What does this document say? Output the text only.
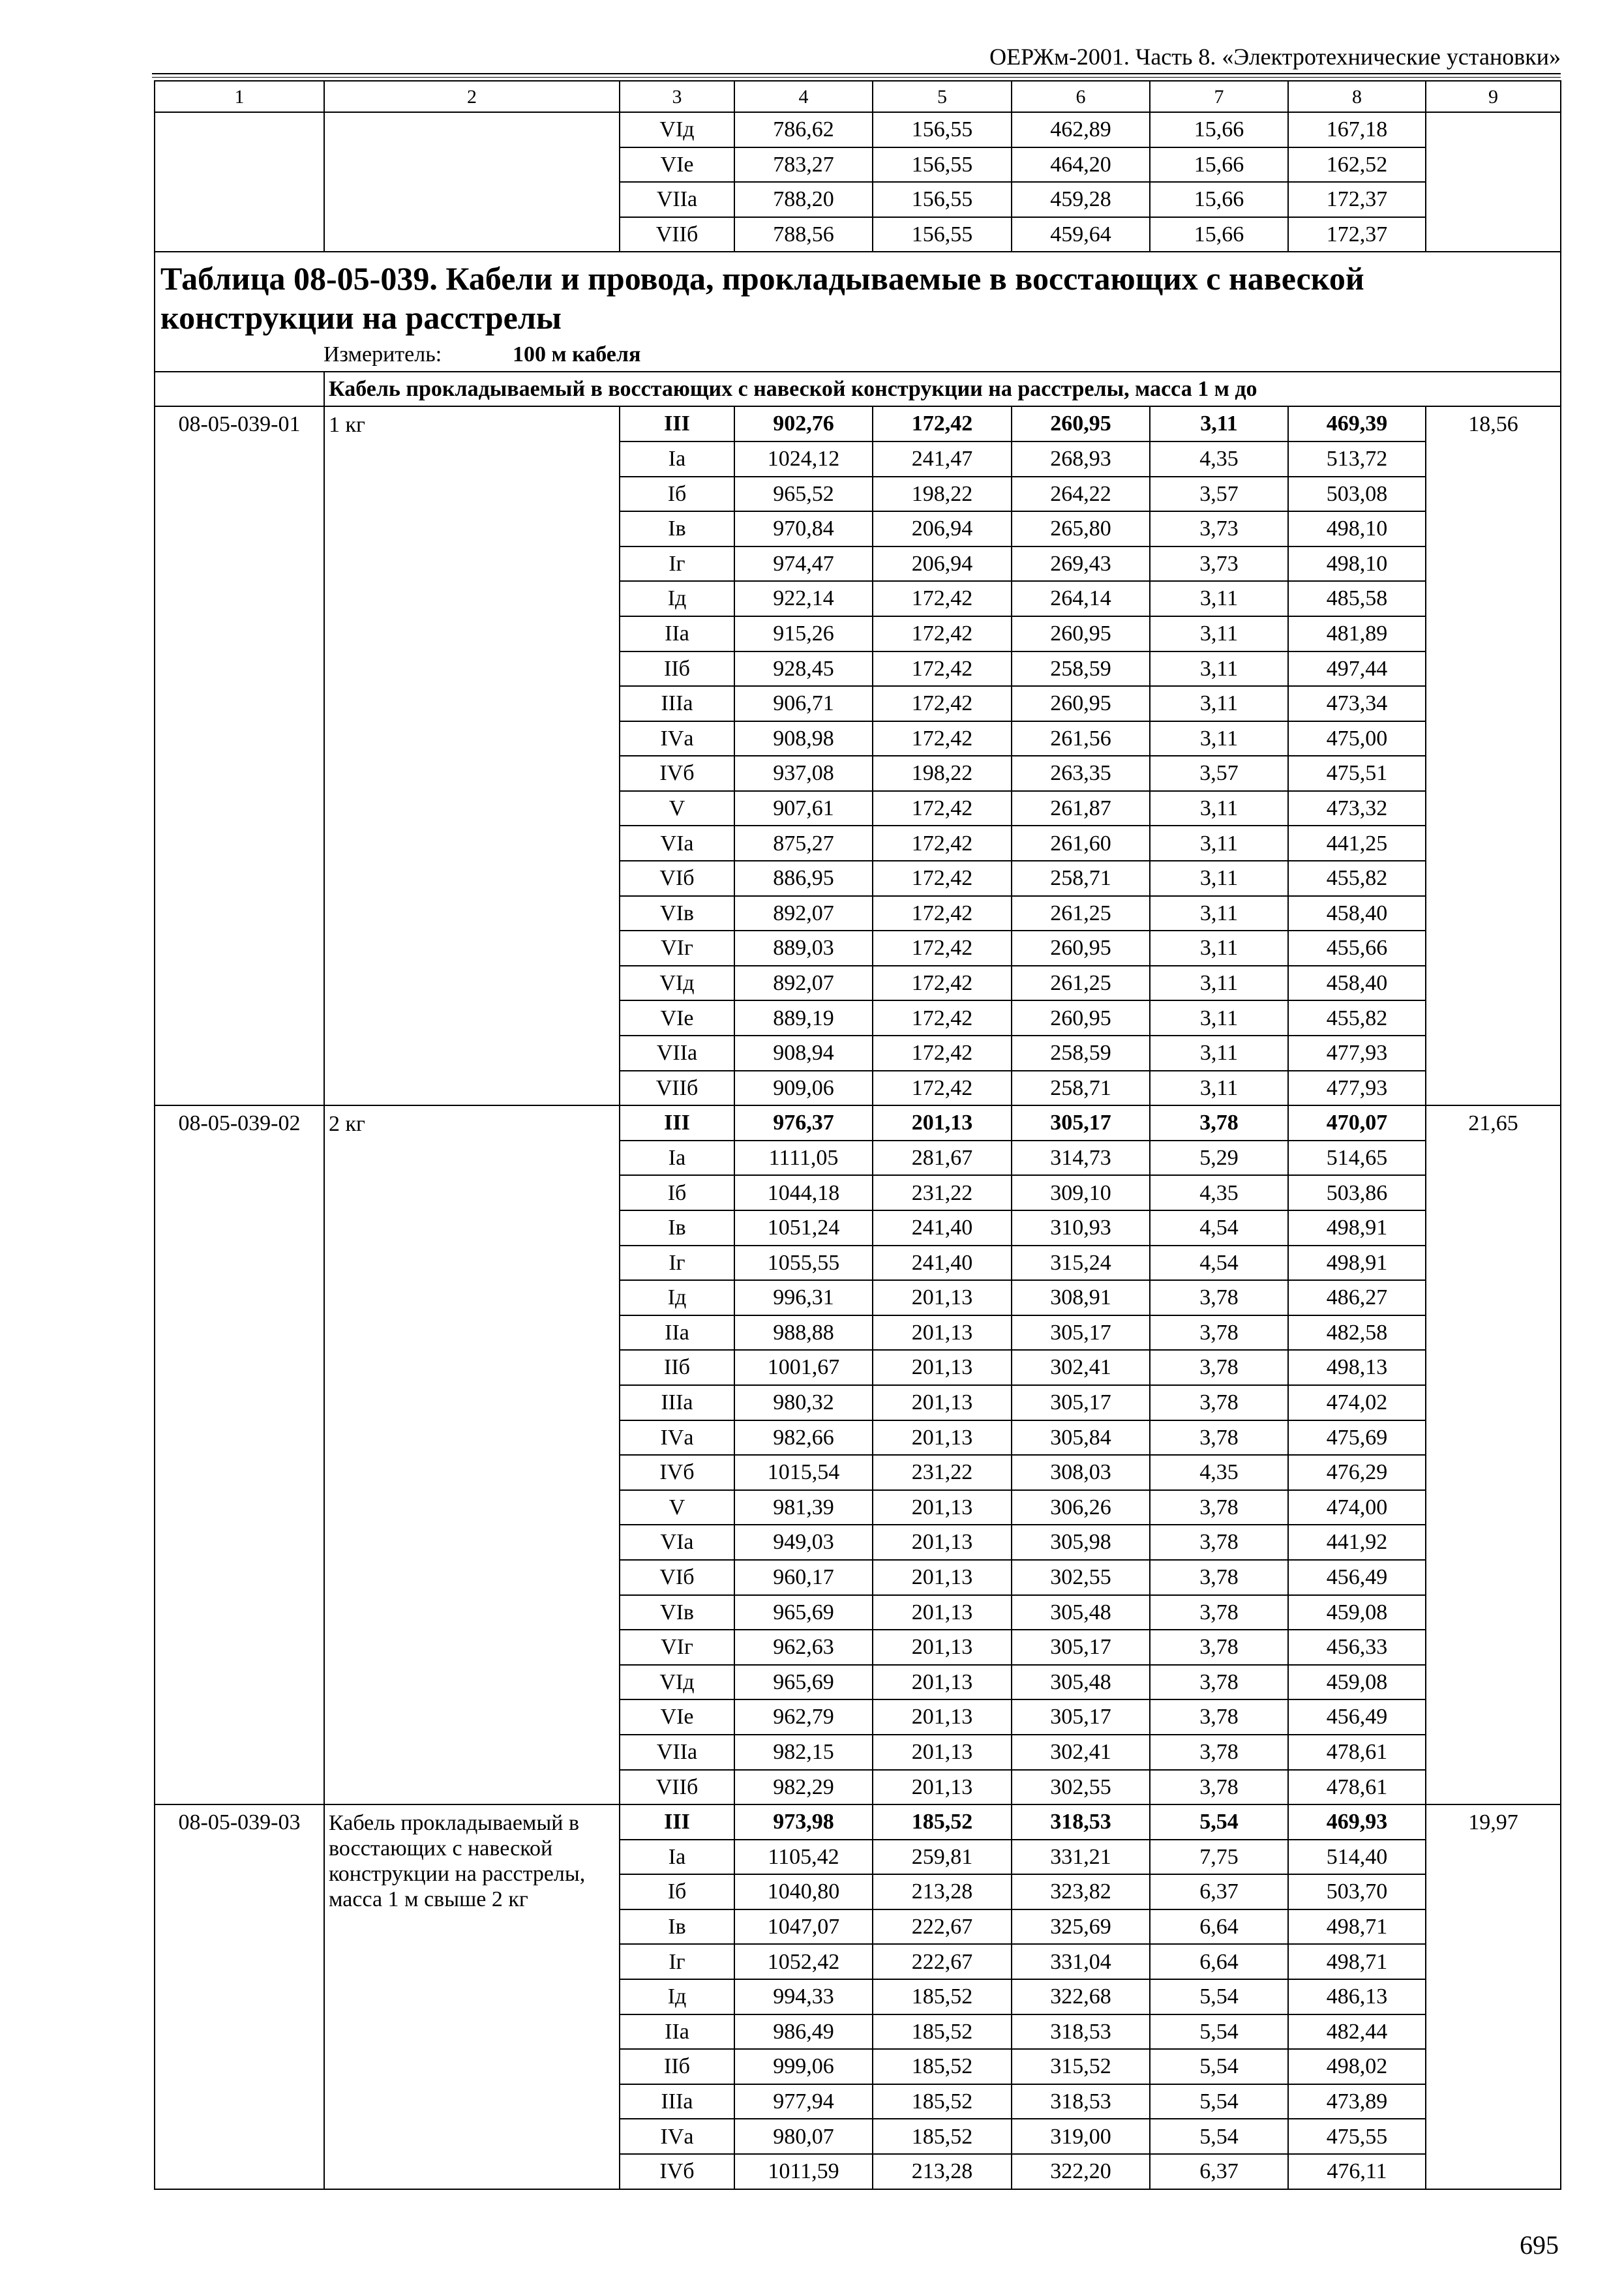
ОЕРЖм-2001. Часть 8. «Электротехнические установки»
1	2	3	4	5	6	7	8	9
		VIд	786,62	156,55	462,89	15,66	167,18	
		VIe	783,27	156,55	464,20	15,66	162,52	
		VIIа	788,20	156,55	459,28	15,66	172,37	
		VIIб	788,56	156,55	459,64	15,66	172,37	

Таблица 08-05-039. Кабели и провода, прокладываемые в восстающих с навеской конструкции на расстрелы
Измеритель: 100 м кабеля								

	Кабель прокладываемый в восстающих с навеской конструкции на расстрелы, масса 1 м до							
08-05-039-01	1 кг	III	902,76	172,42	260,95	3,11	469,39	18,56
		Iа	1024,12	241,47	268,93	4,35	513,72	
		Iб	965,52	198,22	264,22	3,57	503,08	
		Iв	970,84	206,94	265,80	3,73	498,10	
		Iг	974,47	206,94	269,43	3,73	498,10	
		Iд	922,14	172,42	264,14	3,11	485,58	
		IIа	915,26	172,42	260,95	3,11	481,89	
		IIб	928,45	172,42	258,59	3,11	497,44	
		IIIа	906,71	172,42	260,95	3,11	473,34	
		IVа	908,98	172,42	261,56	3,11	475,00	
		IVб	937,08	198,22	263,35	3,57	475,51	
		V	907,61	172,42	261,87	3,11	473,32	
		VIа	875,27	172,42	261,60	3,11	441,25	
		VIб	886,95	172,42	258,71	3,11	455,82	
		VIв	892,07	172,42	261,25	3,11	458,40	
		VIг	889,03	172,42	260,95	3,11	455,66	
		VIд	892,07	172,42	261,25	3,11	458,40	
		VIe	889,19	172,42	260,95	3,11	455,82	
		VIIа	908,94	172,42	258,59	3,11	477,93	
		VIIб	909,06	172,42	258,71	3,11	477,93	
08-05-039-02	2 кг	III	976,37	201,13	305,17	3,78	470,07	21,65
		Iа	1111,05	281,67	314,73	5,29	514,65	
		Iб	1044,18	231,22	309,10	4,35	503,86	
		Iв	1051,24	241,40	310,93	4,54	498,91	
		Iг	1055,55	241,40	315,24	4,54	498,91	
		Iд	996,31	201,13	308,91	3,78	486,27	
		IIа	988,88	201,13	305,17	3,78	482,58	
		IIб	1001,67	201,13	302,41	3,78	498,13	
		IIIа	980,32	201,13	305,17	3,78	474,02	
		IVа	982,66	201,13	305,84	3,78	475,69	
		IVб	1015,54	231,22	308,03	4,35	476,29	
		V	981,39	201,13	306,26	3,78	474,00	
		VIа	949,03	201,13	305,98	3,78	441,92	
		VIб	960,17	201,13	302,55	3,78	456,49	
		VIв	965,69	201,13	305,48	3,78	459,08	
		VIг	962,63	201,13	305,17	3,78	456,33	
		VIд	965,69	201,13	305,48	3,78	459,08	
		VIe	962,79	201,13	305,17	3,78	456,49	
		VIIа	982,15	201,13	302,41	3,78	478,61	
		VIIб	982,29	201,13	302,55	3,78	478,61	
08-05-039-03	Кабель прокладываемый в восстающих с навеской конструкции на расстрелы, масса 1 м свыше 2 кг	III	973,98	185,52	318,53	5,54	469,93	19,97
		Iа	1105,42	259,81	331,21	7,75	514,40	
		Iб	1040,80	213,28	323,82	6,37	503,70	
		Iв	1047,07	222,67	325,69	6,64	498,71	
		Iг	1052,42	222,67	331,04	6,64	498,71	
		Iд	994,33	185,52	322,68	5,54	486,13	
		IIа	986,49	185,52	318,53	5,54	482,44	
		IIб	999,06	185,52	315,52	5,54	498,02	
		IIIа	977,94	185,52	318,53	5,54	473,89	
		IVа	980,07	185,52	319,00	5,54	475,55	
		IVб	1011,59	213,28	322,20	6,37	476,11	
695
